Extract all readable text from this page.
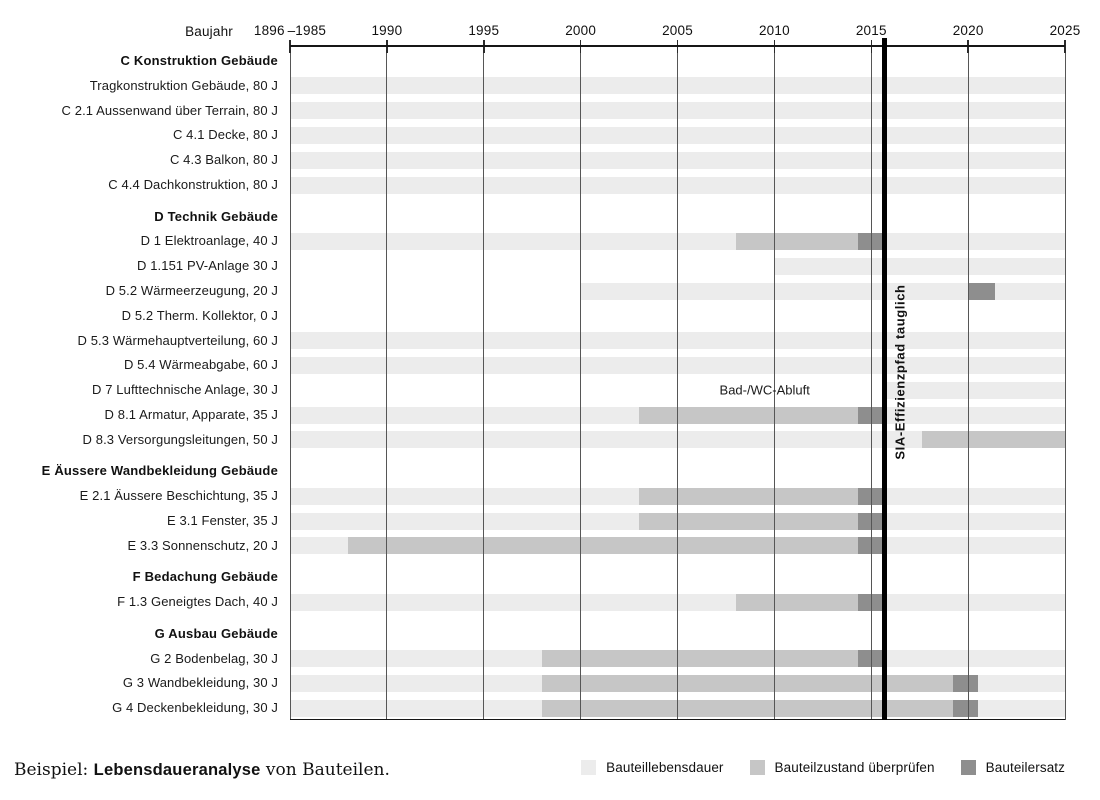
Baujahr
C Konstruktion Gebäude
Tragkonstruktion Gebäude, 80 J
C 2.1 Aussenwand über Terrain, 80 J
C 4.1 Decke, 80 J
C 4.3 Balkon, 80 J
C 4.4 Dachkonstruktion, 80 J
D Technik Gebäude
D 1 Elektroanlage, 40 J
D 1.151 PV-Anlage 30 J
D 5.2 Wärmeerzeugung, 20 J
D 5.2 Therm. Kollektor, 0 J
D 5.3 Wärmehauptverteilung, 60 J
D 5.4 Wärmeabgabe, 60 J
D 7 Lufttechnische Anlage, 30 J
D 8.1 Armatur, Apparate, 35 J
D 8.3 Versorgungsleitungen, 50 J
E Äussere Wandbekleidung Gebäude
E 2.1 Äussere Beschichtung, 35 J
E 3.1 Fenster, 35 J
E 3.3 Sonnenschutz, 20 J
F Bedachung Gebäude
F 1.3 Geneigtes Dach, 40 J
G Ausbau Gebäude
G 2 Bodenbelag, 30 J
G 3 Wandbekleidung, 30 J
G 4 Deckenbekleidung, 30 J
1896 –1985	1990	1995	2000	2005	2010	2015	2020	2025
SIA-Effizienzpfad tauglich
Bad-/WC-Abluft
Bauteillebensdauer	Bauteilzustand überprüfen	Bauteilersatz
Beispiel: Lebensdaueranalyse von Bauteilen.
